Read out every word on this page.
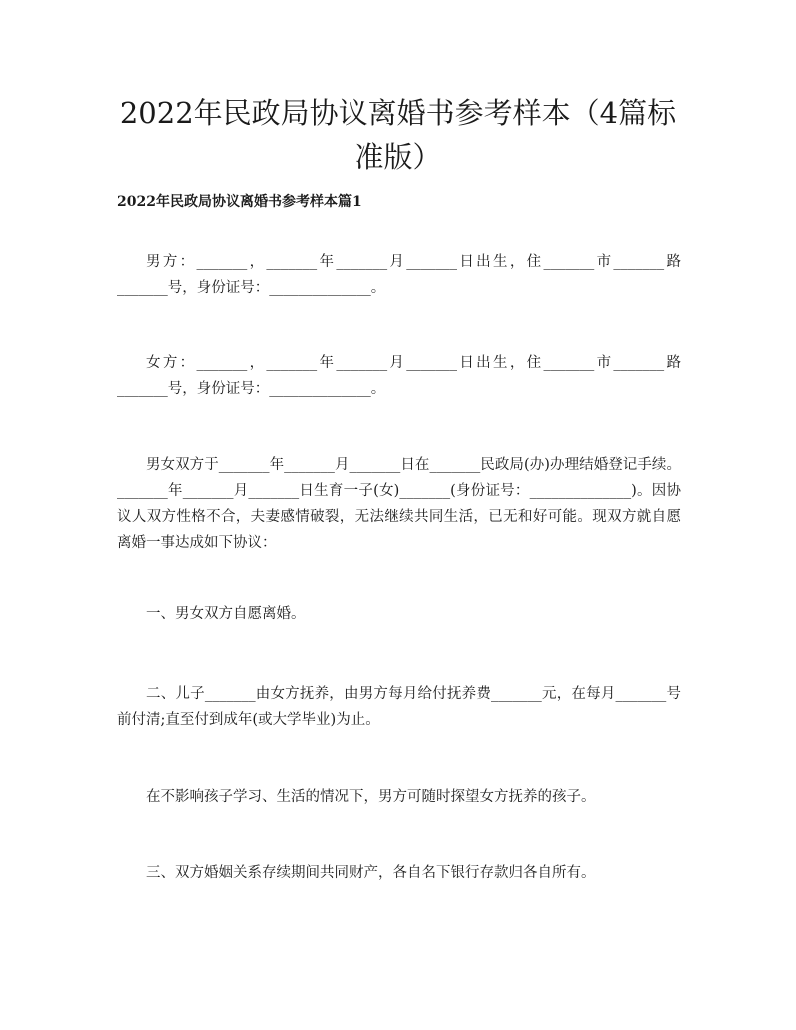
2022年民政局协议离婚书参考样本（4篇标
准版）
2022年民政局协议离婚书参考样本篇1

男方：_______，_______年_______月_______日出生，住_______市_______路_______号，身份证号：______________。

女方：_______，_______年_______月_______日出生，住_______市_______路_______号，身份证号：______________。

男女双方于_______年_______月_______日在_______民政局(办)办理结婚登记手续。_______年_______月_______日生育一子(女)_______(身份证号：______________)。因协议人双方性格不合，夫妻感情破裂，无法继续共同生活，已无和好可能。现双方就自愿离婚一事达成如下协议：

一、男女双方自愿离婚。

二、儿子_______由女方抚养，由男方每月给付抚养费_______元，在每月_______号前付清;直至付到成年(或大学毕业)为止。

在不影响孩子学习、生活的情况下，男方可随时探望女方抚养的孩子。

三、双方婚姻关系存续期间共同财产，各自名下银行存款归各自所有。
